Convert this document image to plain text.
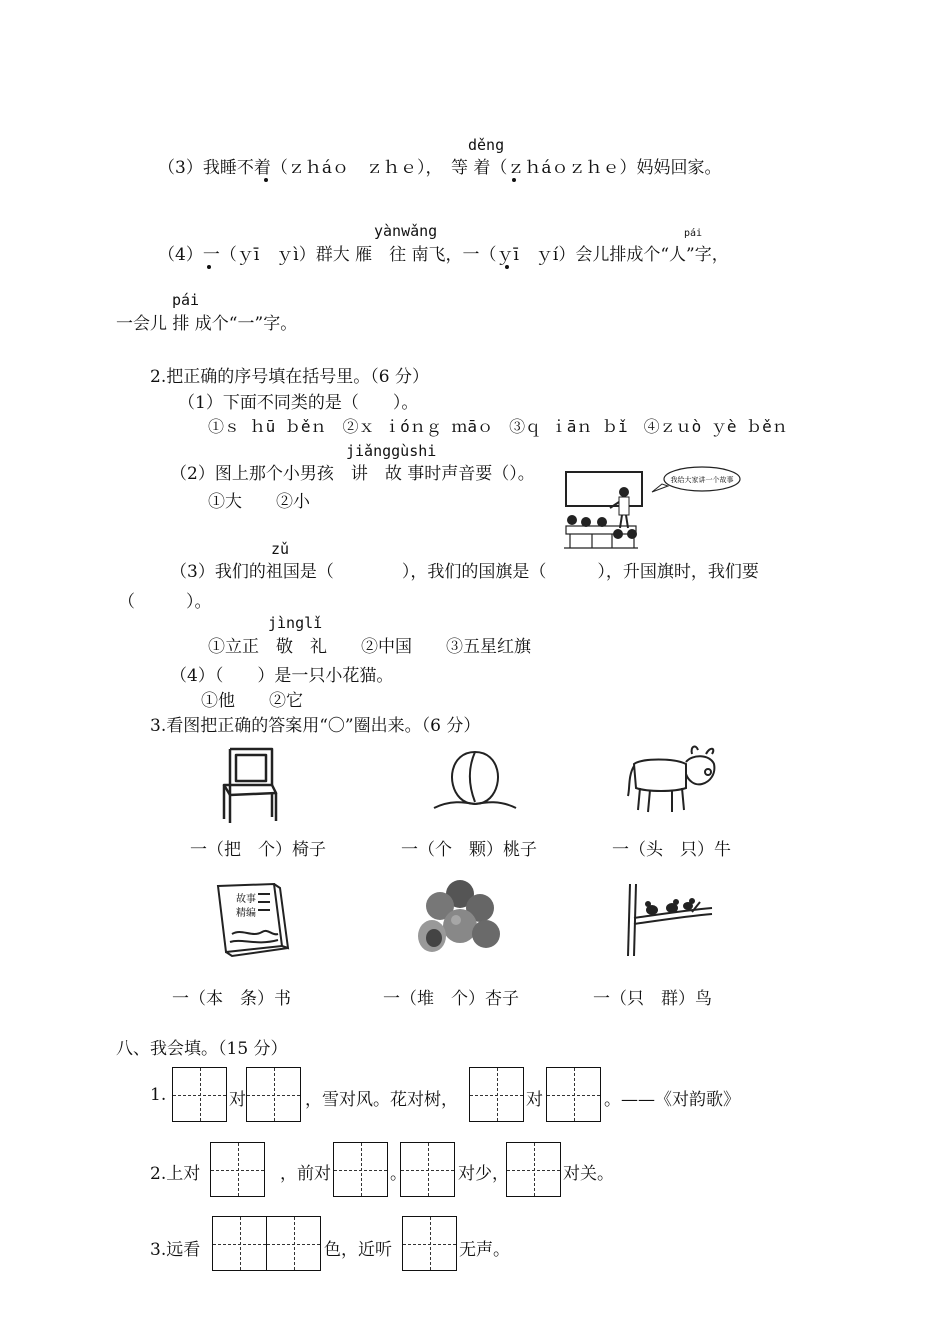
děng
（3）我睡不着（ｚｈáｏ　ｚｈｅ），　等 着（ｚｈáｏｚｈｅ）妈妈回家。
yànwǎng	pái
（4）一（ｙī　ｙì）群大 雁　往 南飞，一（ｙī　ｙí）会儿排成个“人”字，
pái
一会儿 排 成个“一”字。
2.把正确的序号填在括号里。（6 分）
（1）下面不同类的是（　　）。
①ｓ ｈū ｂěｎ　②ｘ ｉóｎｇ ｍāｏ　③ｑ ｉāｎ ｂǐ　④ｚｕò ｙè ｂěｎ
jiǎnggùshi
（2）图上那个小男孩　讲　故 事时声音要（）。
①大　　②小
我给大家讲一个故事
zǔ
（3）我们的祖国是（　　　　），我们的国旗是（　　　），升国旗时，我们要
（　　　）。
jìnglǐ
①立正　敬　礼　　②中国　　③五星红旗
（4）（　　）是一只小花猫。
①他　　②它
3.看图把正确的答案用“〇”圈出来。（6 分）
一（把　个）椅子	一（个　颗）桃子	一（头　只）牛
故事
精编
一（本　条）书	一（堆　个）杏子	一（只　群）鸟
八、我会填。（15 分）
1.	对	，雪对风。花对树，	对	。——《对韵歌》
2.上对	，前对	。	对少，	对关。
3.远看	色，近听	无声。
